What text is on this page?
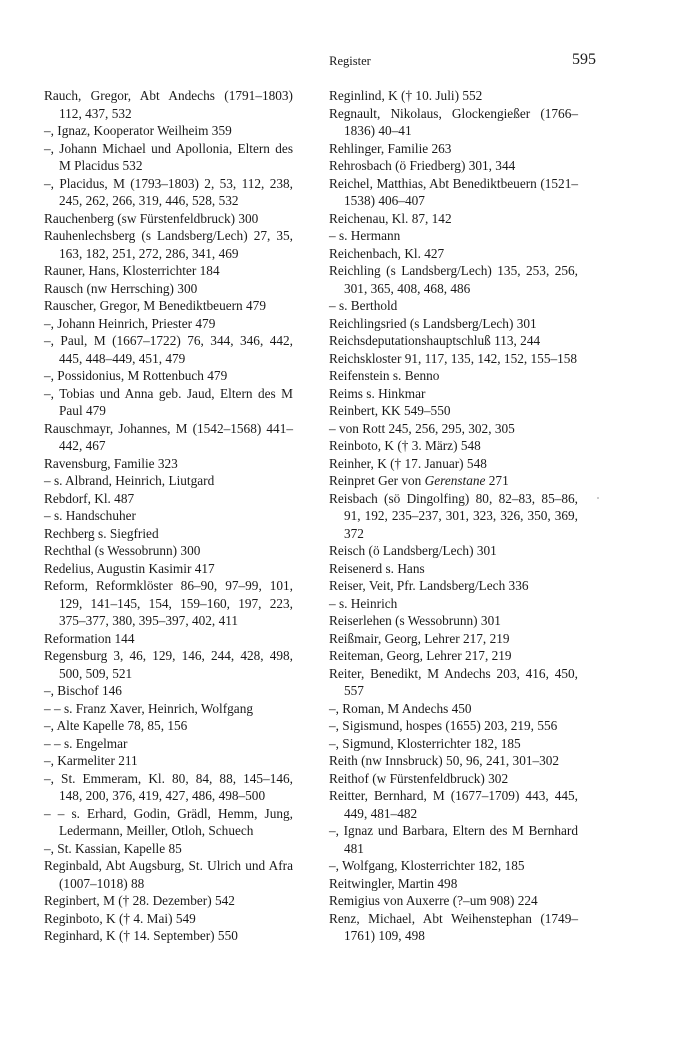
Register	595
Rauch, Gregor, Abt Andechs (1791–1803) 112, 437, 532
–, Ignaz, Kooperator Weilheim 359
–, Johann Michael und Apollonia, Eltern des M Placidus 532
–, Placidus, M (1793–1803) 2, 53, 112, 238, 245, 262, 266, 319, 446, 528, 532
Rauchenberg (sw Fürstenfeldbruck) 300
Rauhenlechsberg (s Landsberg/Lech) 27, 35, 163, 182, 251, 272, 286, 341, 469
Rauner, Hans, Klosterrichter 184
Rausch (nw Herrsching) 300
Rauscher, Gregor, M Benediktbeuern 479
–, Johann Heinrich, Priester 479
–, Paul, M (1667–1722) 76, 344, 346, 442, 445, 448–449, 451, 479
–, Possidonius, M Rottenbuch 479
–, Tobias und Anna geb. Jaud, Eltern des M Paul 479
Rauschmayr, Johannes, M (1542–1568) 441–442, 467
Ravensburg, Familie 323
– s. Albrand, Heinrich, Liutgard
Rebdorf, Kl. 487
– s. Handschuher
Rechberg s. Siegfried
Rechthal (s Wessobrunn) 300
Redelius, Augustin Kasimir 417
Reform, Reformklöster 86–90, 97–99, 101, 129, 141–145, 154, 159–160, 197, 223, 375–377, 380, 395–397, 402, 411
Reformation 144
Regensburg 3, 46, 129, 146, 244, 428, 498, 500, 509, 521
–, Bischof 146
– – s. Franz Xaver, Heinrich, Wolfgang
–, Alte Kapelle 78, 85, 156
– – s. Engelmar
–, Karmeliter 211
–, St. Emmeram, Kl. 80, 84, 88, 145–146, 148, 200, 376, 419, 427, 486, 498–500
– – s. Erhard, Godin, Grädl, Hemm, Jung, Ledermann, Meiller, Otloh, Schuech
–, St. Kassian, Kapelle 85
Reginbald, Abt Augsburg, St. Ulrich und Afra (1007–1018) 88
Reginbert, M († 28. Dezember) 542
Reginboto, K († 4. Mai) 549
Reginhard, K († 14. September) 550
Reginlind, K († 10. Juli) 552
Regnault, Nikolaus, Glockengießer (1766–1836) 40–41
Rehlinger, Familie 263
Rehrosbach (ö Friedberg) 301, 344
Reichel, Matthias, Abt Benediktbeuern (1521–1538) 406–407
Reichenau, Kl. 87, 142
– s. Hermann
Reichenbach, Kl. 427
Reichling (s Landsberg/Lech) 135, 253, 256, 301, 365, 408, 468, 486
– s. Berthold
Reichlingsried (s Landsberg/Lech) 301
Reichsdeputationshauptschluß 113, 244
Reichskloster 91, 117, 135, 142, 152, 155–158
Reifenstein s. Benno
Reims s. Hinkmar
Reinbert, KK 549–550
– von Rott 245, 256, 295, 302, 305
Reinboto, K († 3. März) 548
Reinher, K († 17. Januar) 548
Reinpret Ger von Gerenstane 271
Reisbach (sö Dingolfing) 80, 82–83, 85–86, 91, 192, 235–237, 301, 323, 326, 350, 369, 372
Reisch (ö Landsberg/Lech) 301
Reisenerd s. Hans
Reiser, Veit, Pfr. Landsberg/Lech 336
– s. Heinrich
Reiserlehen (s Wessobrunn) 301
Reißmair, Georg, Lehrer 217, 219
Reiteman, Georg, Lehrer 217, 219
Reiter, Benedikt, M Andechs 203, 416, 450, 557
–, Roman, M Andechs 450
–, Sigismund, hospes (1655) 203, 219, 556
–, Sigmund, Klosterrichter 182, 185
Reith (nw Innsbruck) 50, 96, 241, 301–302
Reithof (w Fürstenfeldbruck) 302
Reitter, Bernhard, M (1677–1709) 443, 445, 449, 481–482
–, Ignaz und Barbara, Eltern des M Bernhard 481
–, Wolfgang, Klosterrichter 182, 185
Reitwingler, Martin 498
Remigius von Auxerre (?–um 908) 224
Renz, Michael, Abt Weihenstephan (1749–1761) 109, 498
